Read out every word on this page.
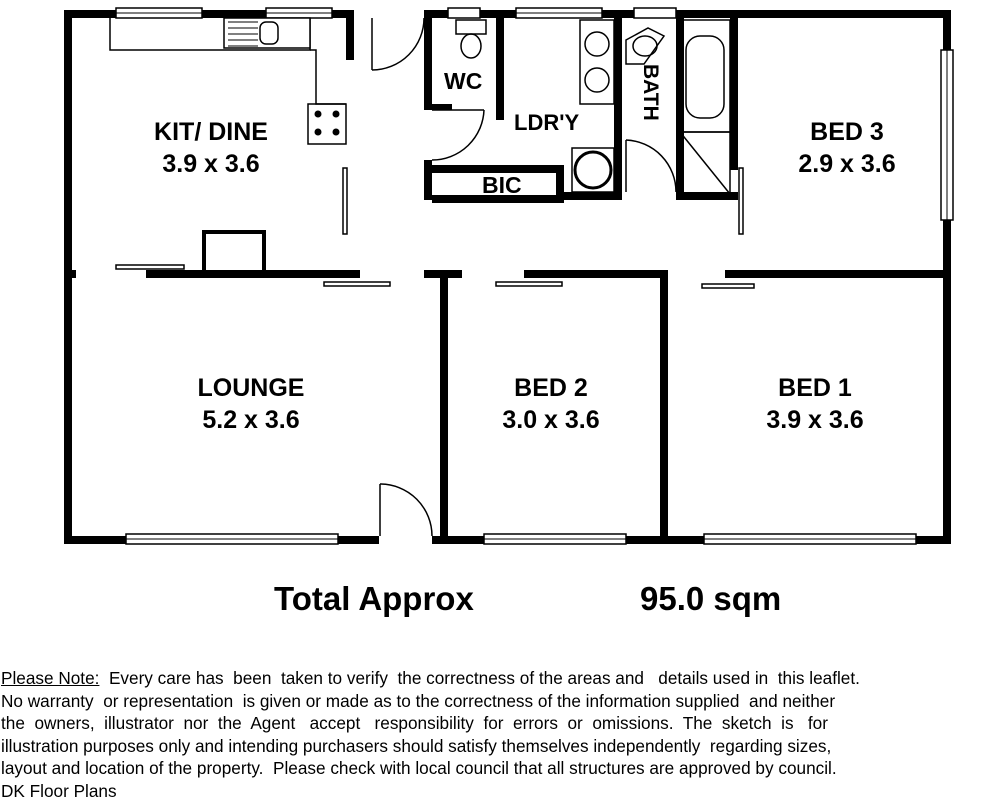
KIT/ DINE
3.9 x 3.6
BED 3
2.9 x 3.6
LOUNGE
5.2 x 3.6
BED 2
3.0 x 3.6
BED 1
3.9 x 3.6
WC
LDR'Y
BIC
BATH
Total Approx	95.0 sqm
Please Note:  Every care has  been  taken to verify  the correctness of the areas and   details used in  this leaflet.
No warranty  or representation  is given or made as to the correctness of the information supplied  and neither
the  owners,  illustrator  nor  the  Agent   accept   responsibility  for  errors  or  omissions.  The  sketch  is   for
illustration purposes only and intending purchasers should satisfy themselves independently  regarding sizes,
layout and location of the property.  Please check with local council that all structures are approved by council.
DK Floor Plans
